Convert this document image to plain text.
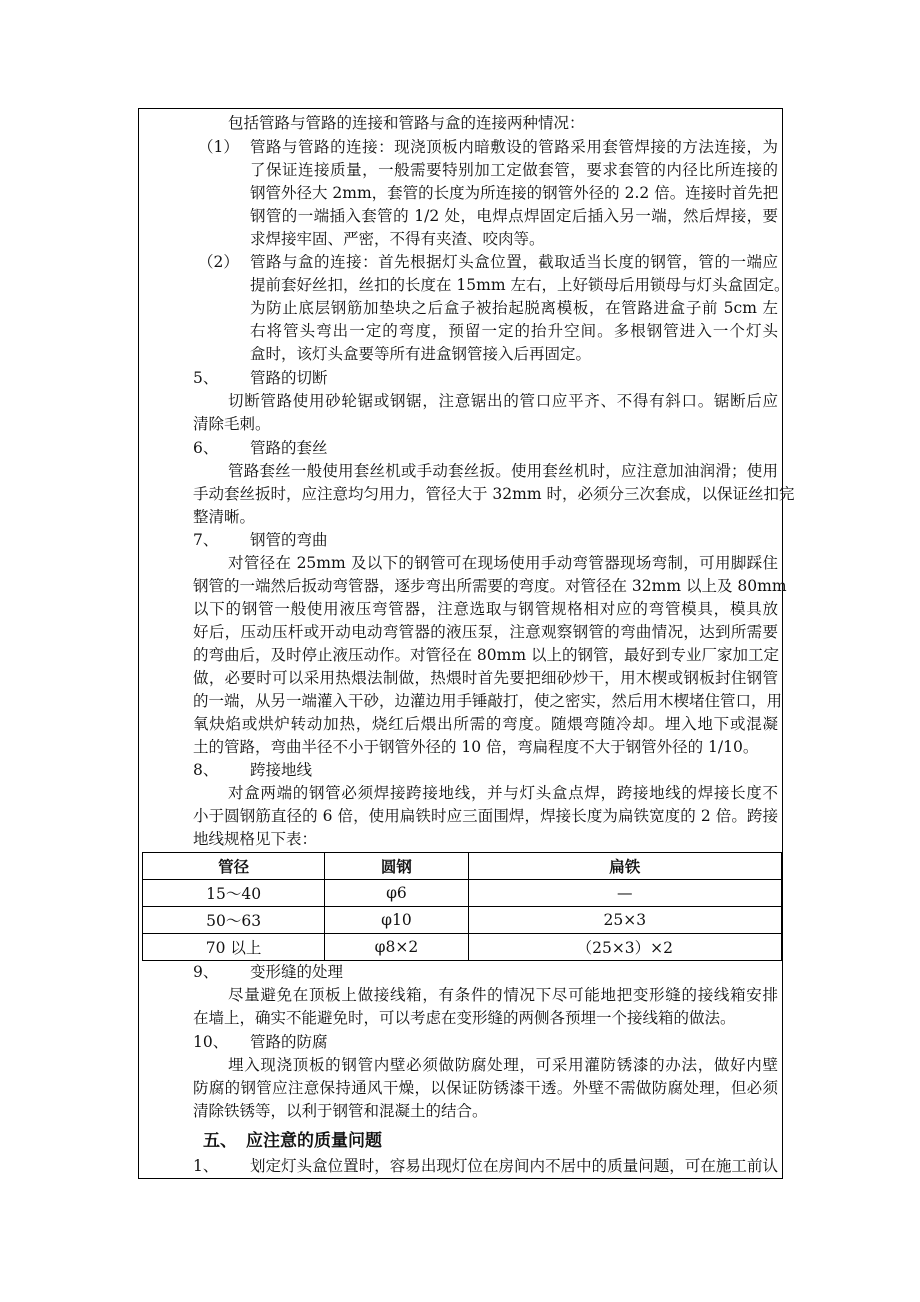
包括管路与管路的连接和管路与盒的连接两种情况：
（1） 管路与管路的连接：现浇顶板内暗敷设的管路采用套管焊接的方法连接，为
了保证连接质量，一般需要特别加工定做套管，要求套管的内径比所连接的
钢管外径大 2mm，套管的长度为所连接的钢管外径的 2.2 倍。连接时首先把
钢管的一端插入套管的 1/2 处，电焊点焊固定后插入另一端，然后焊接，要
求焊接牢固、严密，不得有夹渣、咬肉等。
（2） 管路与盒的连接：首先根据灯头盒位置，截取适当长度的钢管，管的一端应
提前套好丝扣，丝扣的长度在 15mm 左右，上好锁母后用锁母与灯头盒固定。
为防止底层钢筋加垫块之后盒子被抬起脱离模板，在管路进盒子前 5cm 左
右将管头弯出一定的弯度，预留一定的抬升空间。多根钢管进入一个灯头
盒时，该灯头盒要等所有进盒钢管接入后再固定。
5、 管路的切断
切断管路使用砂轮锯或钢锯，注意锯出的管口应平齐、不得有斜口。锯断后应
清除毛刺。
6、 管路的套丝
管路套丝一般使用套丝机或手动套丝扳。使用套丝机时，应注意加油润滑；使用
手动套丝扳时，应注意均匀用力，管径大于 32mm 时，必须分三次套成，以保证丝扣完
整清晰。
7、 钢管的弯曲
对管径在 25mm 及以下的钢管可在现场使用手动弯管器现场弯制，可用脚踩住
钢管的一端然后扳动弯管器，逐步弯出所需要的弯度。对管径在 32mm 以上及 80mm
以下的钢管一般使用液压弯管器，注意选取与钢管规格相对应的弯管模具，模具放
好后，压动压杆或开动电动弯管器的液压泵，注意观察钢管的弯曲情况，达到所需要
的弯曲后，及时停止液压动作。对管径在 80mm 以上的钢管，最好到专业厂家加工定
做，必要时可以采用热煨法制做，热煨时首先要把细砂炒干，用木楔或钢板封住钢管
的一端，从另一端灌入干砂，边灌边用手锤敲打，使之密实，然后用木楔堵住管口，用
氧炔焰或烘炉转动加热，烧红后煨出所需的弯度。随煨弯随冷却。埋入地下或混凝
土的管路，弯曲半径不小于钢管外径的 10 倍，弯扁程度不大于钢管外径的 1/10。
8、 跨接地线
对盒两端的钢管必须焊接跨接地线，并与灯头盒点焊，跨接地线的焊接长度不
小于圆钢筋直径的 6 倍，使用扁铁时应三面围焊，焊接长度为扁铁宽度的 2 倍。跨接
地线规格见下表：
管径	圆钢	扁铁
15～40	φ6	—
50～63	φ10	25×3
70 以上	φ8×2	（25×3）×2
9、 变形缝的处理
尽量避免在顶板上做接线箱，有条件的情况下尽可能地把变形缝的接线箱安排
在墙上，确实不能避免时，可以考虑在变形缝的两侧各预埋一个接线箱的做法。
10、 管路的防腐
埋入现浇顶板的钢管内壁必须做防腐处理，可采用灌防锈漆的办法，做好内壁
防腐的钢管应注意保持通风干燥，以保证防锈漆干透。外壁不需做防腐处理，但必须
清除铁锈等，以利于钢管和混凝土的结合。
五、 应注意的质量问题
1、 划定灯头盒位置时，容易出现灯位在房间内不居中的质量问题，可在施工前认
